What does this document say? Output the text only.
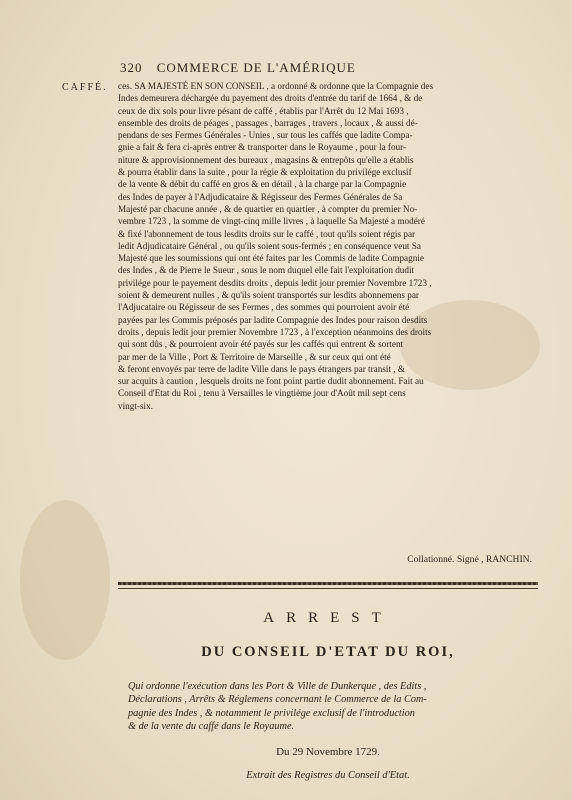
320 COMMERCE DE L'AMÉRIQUE
CAFFÉ. ces. SA MAJESTÉ EN SON CONSEIL , a ordonné & ordonne que la Compagnie des
Indes demeurera déchargée du payement des droits d'entrée du tarif de 1664 , & de
ceux de dix sols pour livre pésant de caffé , établis par l'Arrêt du 12 Mai 1693 ,
ensemble des droits de péages , passages , barrages , travers , locaux , & aussi dé-
pendans de ses Fermes Générales - Unies , sur tous les caffés que ladite Compa-
gnie a fait & fera ci-après entrer & transporter dans le Royaume , pour la four-
niture & approvisionnement des bureaux , magasins & entrepôts qu'elle a établis
& pourra établir dans la suite , pour la régie & exploitation du privilége exclusif
de la vente & débit du caffé en gros & en détail , à la charge par la Compagnie
des Indes de payer à l'Adjudicataire & Régisseur des Fermes Générales de Sa
Majesté par chacune année , & de quartier en quartier , à compter du premier No-
vembre 1723 , la somme de vingt-cinq mille livres , à laquelle Sa Majesté a modéré
& fixé l'abonnement de tous lesdits droits sur le caffé , tout qu'ils soient régis par
ledit Adjudicataire Général , ou qu'ils soient sous-fermés ; en conséquence veut Sa
Majesté que les soumissions qui ont été faites par les Commis de ladite Compagnie
des Indes , & de Pierre le Sueur , sous le nom duquel elle fait l'exploitation dudit
privilége pour le payement desdits droits , depuis ledit jour premier Novembre 1723 ,
soient & demeurent nulles , & qu'ils soient transportés sur lesdits abonnemens par
l'Adjucataire ou Régisseur de ses Fermes , des sommes qui pourroient avoir été
payées par les Commis préposés par ladite Compagnie des Indes pour raison desdits
droits , depuis ledit jour premier Novembre 1723 , à l'exception néanmoins des droits
qui sont dûs , & pourroient avoir été payés sur les caffés qui entrent & sortent
par mer de la Ville , Port & Territoire de Marseille , & sur ceux qui ont été
& feront envoyés par terre de ladite Ville dans le pays étrangers par transit , &
sur acquits à caution , lesquels droits ne font point partie dudit abonnement. Fait au
Conseil d'Etat du Roi , tenu à Versailles le vingtième jour d'Août mil sept cens
vingt-six.
Collationné. Signé , RANCHIN.
ARREST
DU CONSEIL D'ETAT DU ROI,
Qui ordonne l'exécution dans les Port & Ville de Dunkerque , des Edits ,
Déclarations , Arrêts & Réglemens concernant le Commerce de la Com-
pagnie des Indes , & notamment le privilége exclusif de l'introduction
& de la vente du caffé dans le Royaume.
Du 29 Novembre 1729.
Extrait des Registres du Conseil d'Etat.
